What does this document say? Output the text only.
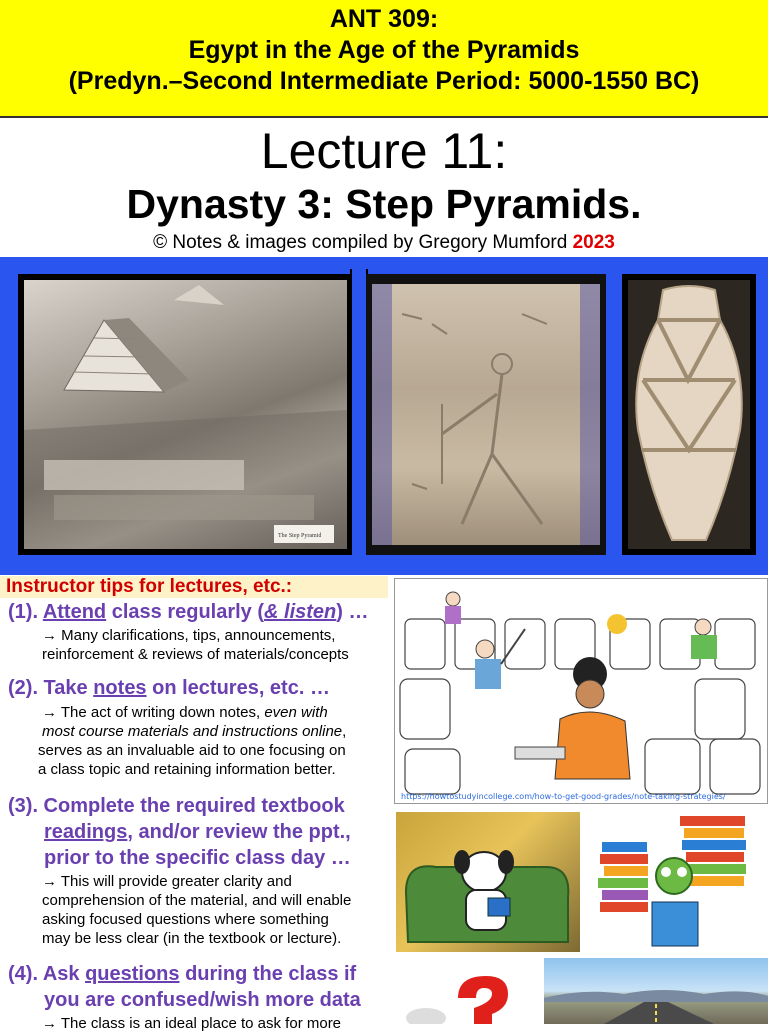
ANT 309:
Egypt in the Age of the Pyramids
(Predyn.–Second Intermediate Period: 5000-1550 BC)
Lecture 11:
Dynasty 3: Step Pyramids.
© Notes & images compiled by Gregory Mumford 2023
The Step Pyramid
Instructor tips for lectures, etc.:
(1). Attend class regularly (& listen) …
→ Many clarifications, tips, announcements,
reinforcement & reviews of materials/concepts
(2). Take notes on lectures, etc. …
→ The act of writing down notes, even with
most course materials and instructions online,
serves as an invaluable aid to one focusing on
a class topic and retaining information better.
(3). Complete the required textbook
readings, and/or review the ppt.,
prior to the specific class day …
→ This will provide greater clarity and
comprehension of the material, and will enable
asking focused questions where something
may be less clear (in the textbook or lecture).
(4). Ask questions during the class if
you are confused/wish more data
→ The class is an ideal place to ask for more
https://howtostudyincollege.com/how-to-get-good-grades/note-taking-strategies/
